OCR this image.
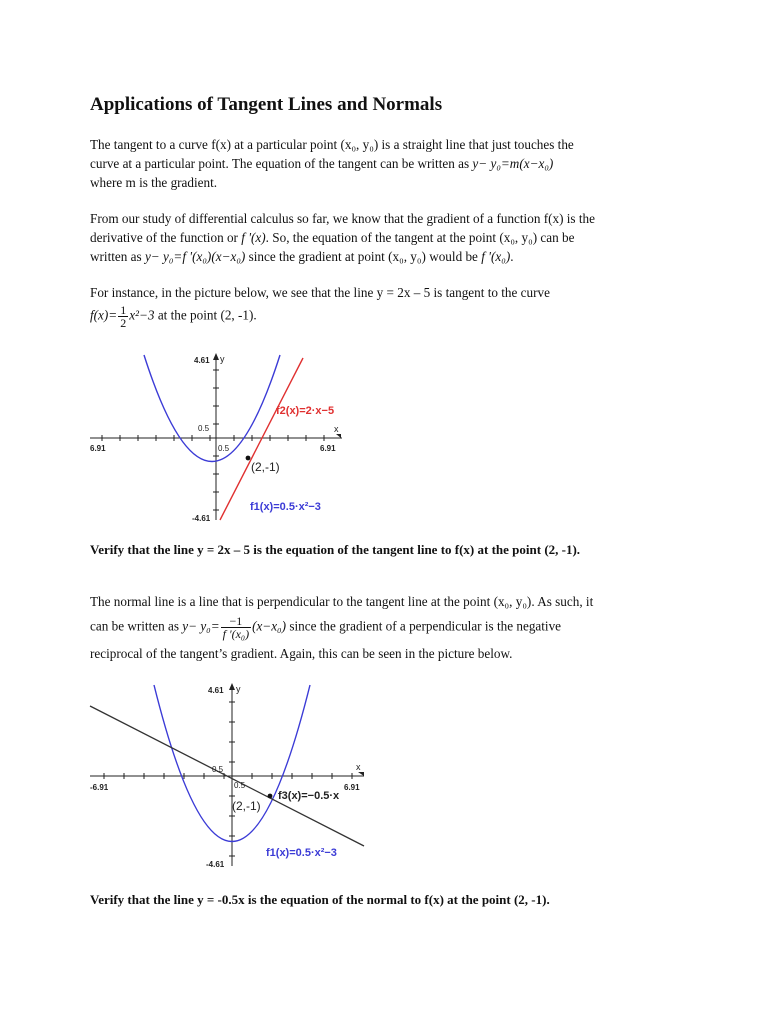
Applications of Tangent Lines and Normals
The tangent to a curve f(x) at a particular point (x₀, y₀) is a straight line that just touches the
curve at a particular point. The equation of the tangent can be written as y− y₀=m(x−x₀)
where m is the gradient.
From our study of differential calculus so far, we know that the gradient of a function f(x) is the
derivative of the function or f '(x). So, the equation of the tangent at the point (x₀, y₀) can be
written as y− y₀=f '(x₀)(x−x₀) since the gradient at point (x₀, y₀) would be f '(x₀).
For instance, in the picture below, we see that the line y = 2x – 5 is tangent to the curve
$f(x)= \frac{1}{2} x^2-3$ at the point (2, -1).
4.61 y
-4.61
6.91	6.91
x
0.5
0.5
(2,-1)
f2(x)=2·x−5
f1(x)=0.5·x²−3
Verify that the line y = 2x – 5 is the equation of the tangent line to f(x) at the point (2, -1).
The normal line is a line that is perpendicular to the tangent line at the point (x₀, y₀). As such, it
can be written as $y- y_0= \frac{-1}{\text{f '(x₀)}} (x-x_0)$ since the gradient of a perpendicular is the negative
reciprocal of the tangent’s gradient. Again, this can be seen in the picture below.
4.61 y
-4.61
-6.91	6.91
x
0.5
0.5
(2,-1)
f3(x)=−0.5·x
f1(x)=0.5·x²−3
Verify that the line y = -0.5x is the equation of the normal to f(x) at the point (2, -1).
